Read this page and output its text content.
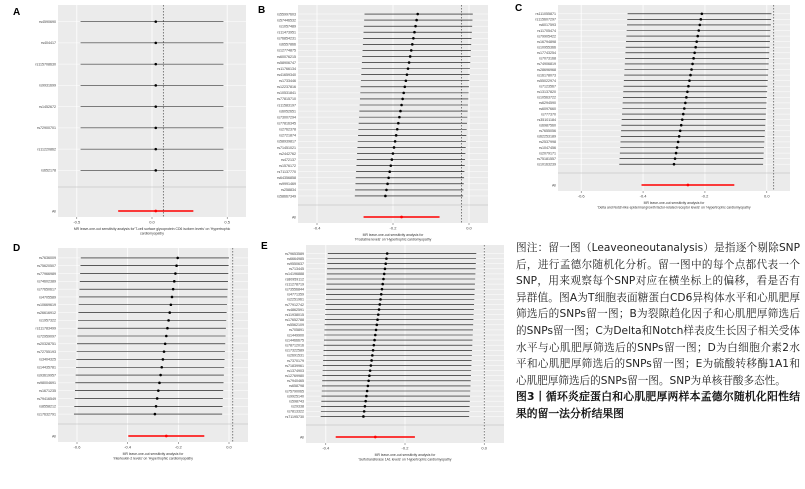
A	B	C
D	E
rs4590690
rs404417
rs115708630
rs9931699
rs1452672
rs72900701
rs11220862
rs652178
All
-0.5	0.0	0.5
MR leave-one-out sensitivity analysis for'T-cell surface glycoprotein CD6 isoform levels' on 'Hypertrophic
cardiomyopathy
rs55997603
rs57446532
rs1057489
rs11473951
rs76854231
rs6557866
rs12774875
rs60076215
rs58906747
rs11766134
rs41659340
rs1733446
rs12237816
rs10531841
rs77815710
rs11583197
rs6052651
rs73007294
rs77816345
rs2762378
rs2721874
rs58939817
rs71451021
rs2442762
rs472137
rs1576172
rs71137770
rs64356858
rs9991469
rs258834
rs58667349
All
-0.4	-0.2	0.0
MR leave-one-out sensitivity analysis for
'Prostatine levels' on 'Hypertrophic cardiomyopathy
rs111055871
rs115607297
rs6017593
rs11705474
rs79905422
rs16794898
rs10955366
rs17743254
rs7073168
rs74906819
rs28696968
rs16178073
rs55022974
rs7123567
rs13137820
rs10563722
rs6294590
rs6097660
rs777370
rs35101184
rs6987560
rs7655056
rs62253189
rs2537998
rs1047456
rs2079171
rs75181557
rs10163239
All
-0.6	-0.4	-0.2	0.0
MR leave-one-out sensitivity analysis for
'Delta and Notch-like epidermal growth factor-related receptor levels' on 'Hypertrophic cardiomyopathy
rs7636009
rs75620507
rs77966989
rs74602389
rs77650617
rs4705589
rs10669619
rs26616912
rs1957322
rs111783499
rs72959097
rs20328751
rs72755193
rs3404325
rs14435781
rs93619957
rs98004691
rs1671235
rs79416549
rs8558212
rs17632791
All
-0.6	-0.4	-0.2	0.0
MR leave-one-out sensitivity analysis for
'Interleukin-2 levels' on 'Hypertrophic cardiomyopathy
rs79653589
rs6664985
rs9550637
rs713445
rs14196888
rs80959112
rs11278719
rs73556844
rs4771359
rs2251961
rs77912742
rs4862591
rs11938015
rs17652788
rs5562109
rs705891
rs1449900
rs14466675
rs78712016
rs17322589
rs2691531
rs7370179
rs71839961
rs1374903
rs12769980
rs7940465
rs658798
rs75790065
rs9925140
rs598743
rs29338
rs7813322
rs71195730
All
-0.4	-0.2	0.0
MR leave-one-out sensitivity analysis for
'Sulfotransferase 1A1 levels' on 'Hypertrophic cardiomyopathy

图注：留一图（Leaveoneoutanalysis）是指逐个剔除SNP后，进行孟德尔随机化分析。留一图中的每个点都代表一个SNP，用来观察每个SNP对应在横坐标上的偏移，看是否有异群值。图A为T细胞表面糖蛋白CD6异构体水平和心肌肥厚筛选后的SNPs留一图；B为裂隙趋化因子和心肌肥厚筛选后的SNPs留一图；C为Delta和Notch样表皮生长因子相关受体水平与心肌肥厚筛选后的SNPs留一图；D为白细胞介素2水平和心肌肥厚筛选后的SNPs留一图；E为硫酸转移酶1A1和心肌肥厚筛选后的SNPs留一图。SNP为单核苷酸多态性。

图3丨循环炎症蛋白和心肌肥厚两样本孟德尔随机化阳性结果的留一法分析结果图
